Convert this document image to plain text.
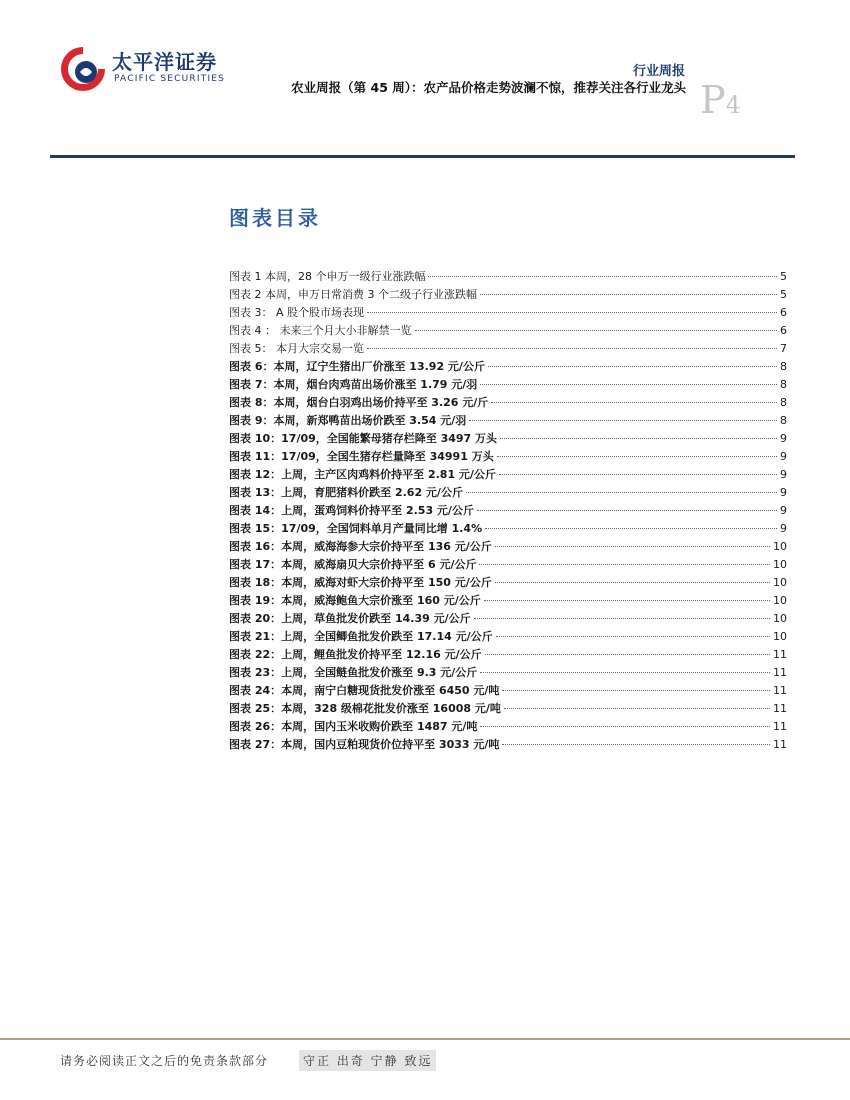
太平洋证券
PACIFIC SECURITIES	行业周报
农业周报（第 45 周）：农产品价格走势波澜不惊，推荐关注各行业龙头 P4
图表目录
图表 1 本周，28 个申万一级行业涨跌幅	5
图表 2 本周，申万日常消费 3 个二级子行业涨跌幅	5
图表 3： A 股个股市场表现	6
图表 4 ： 未来三个月大小非解禁一览	6
图表 5： 本月大宗交易一览	7
图表 6：本周，辽宁生猪出厂价涨至 13.92 元/公斤	8
图表 7：本周，烟台肉鸡苗出场价涨至 1.79 元/羽	8
图表 8：本周，烟台白羽鸡出场价持平至 3.26 元/斤	8
图表 9：本周，新郑鸭苗出场价跌至 3.54 元/羽	8
图表 10：17/09，全国能繁母猪存栏降至 3497 万头	9
图表 11：17/09，全国生猪存栏量降至 34991 万头	9
图表 12：上周，主产区肉鸡料价持平至 2.81 元/公斤	9
图表 13：上周，育肥猪料价跌至 2.62 元/公斤	9
图表 14：上周，蛋鸡饲料价持平至 2.53 元/公斤	9
图表 15：17/09，全国饲料单月产量同比增 1.4%	9
图表 16：本周，威海海参大宗价持平至 136 元/公斤	10
图表 17：本周，威海扇贝大宗价持平至 6 元/公斤	10
图表 18：本周，威海对虾大宗价持平至 150 元/公斤	10
图表 19：本周，威海鲍鱼大宗价涨至 160 元/公斤	10
图表 20：上周，草鱼批发价跌至 14.39 元/公斤	10
图表 21：上周，全国鲫鱼批发价跌至 17.14 元/公斤	10
图表 22：上周，鲤鱼批发价持平至 12.16 元/公斤	11
图表 23：上周，全国鲢鱼批发价涨至 9.3 元/公斤	11
图表 24：本周，南宁白糖现货批发价涨至 6450 元/吨	11
图表 25：本周，328 级棉花批发价涨至 16008 元/吨	11
图表 26：本周，国内玉米收购价跌至 1487 元/吨	11
图表 27：本周，国内豆粕现货价位持平至 3033 元/吨	11
请务必阅读正文之后的免责条款部分	守正 出奇 宁静 致远
